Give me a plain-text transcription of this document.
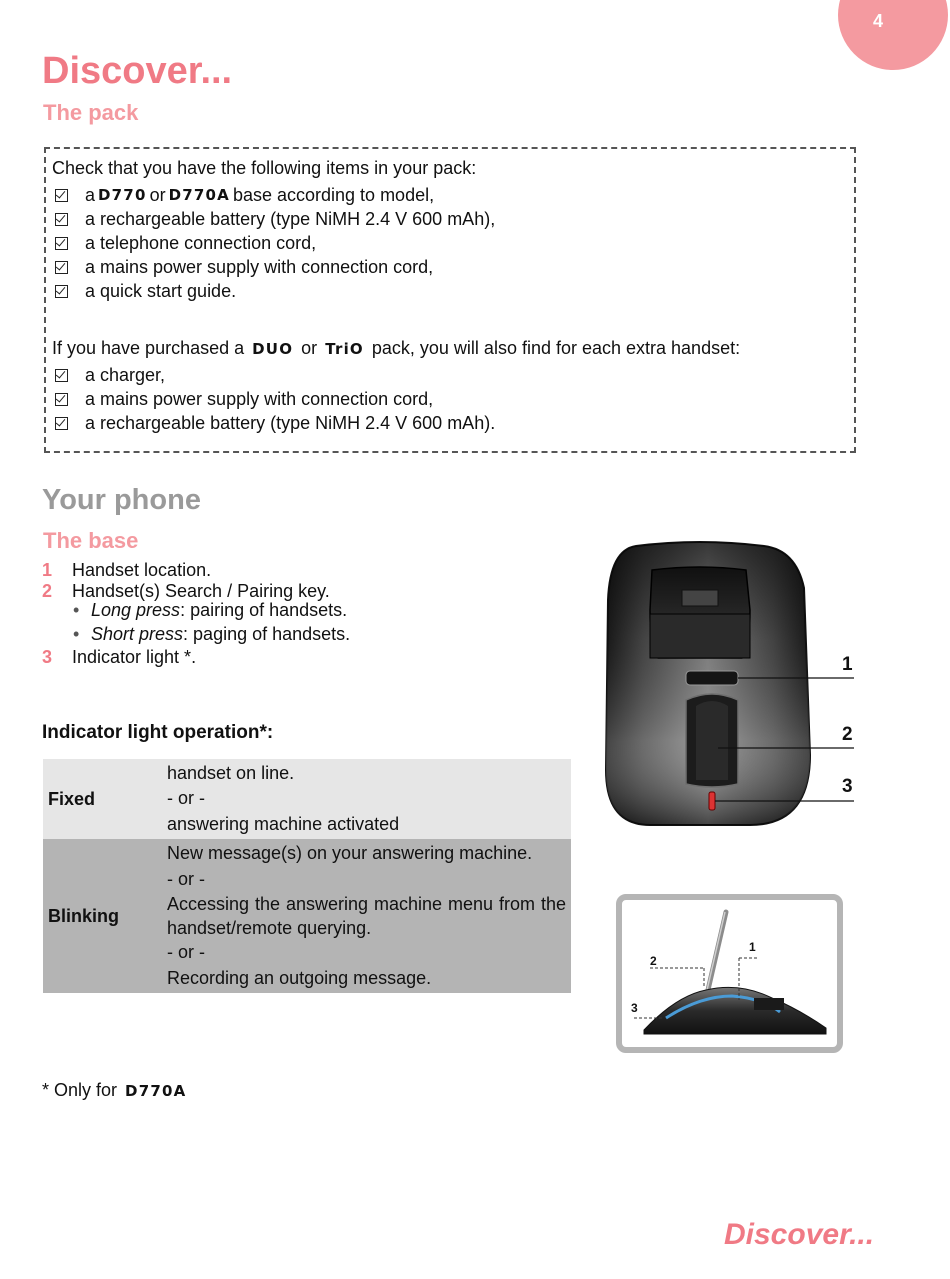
4
Discover...
The pack
Check that you have the following items in your pack:
a D770 or D770A base according to model,
a rechargeable battery (type NiMH 2.4 V 600 mAh),
a telephone connection cord,
a mains power supply with connection cord,
a quick start guide.
If you have purchased a DUO or TriO pack, you will also find for each extra handset:
a charger,
a mains power supply with connection cord,
a rechargeable battery (type NiMH 2.4 V 600 mAh).
Your phone
The base
1 Handset location.
2 Handset(s) Search / Pairing key.
• Long press: pairing of handsets.
• Short press: paging of handsets.
3 Indicator light *.
Indicator light operation*:
Fixed	handset on line.
- or -
answering machine activated

Blinking	New message(s) on your answering machine.
- or -
Accessing the answering machine menu from the handset/remote querying.
- or -
Recording an outgoing message.
* Only for D770A
1
2
3
1
2
3
Discover...
